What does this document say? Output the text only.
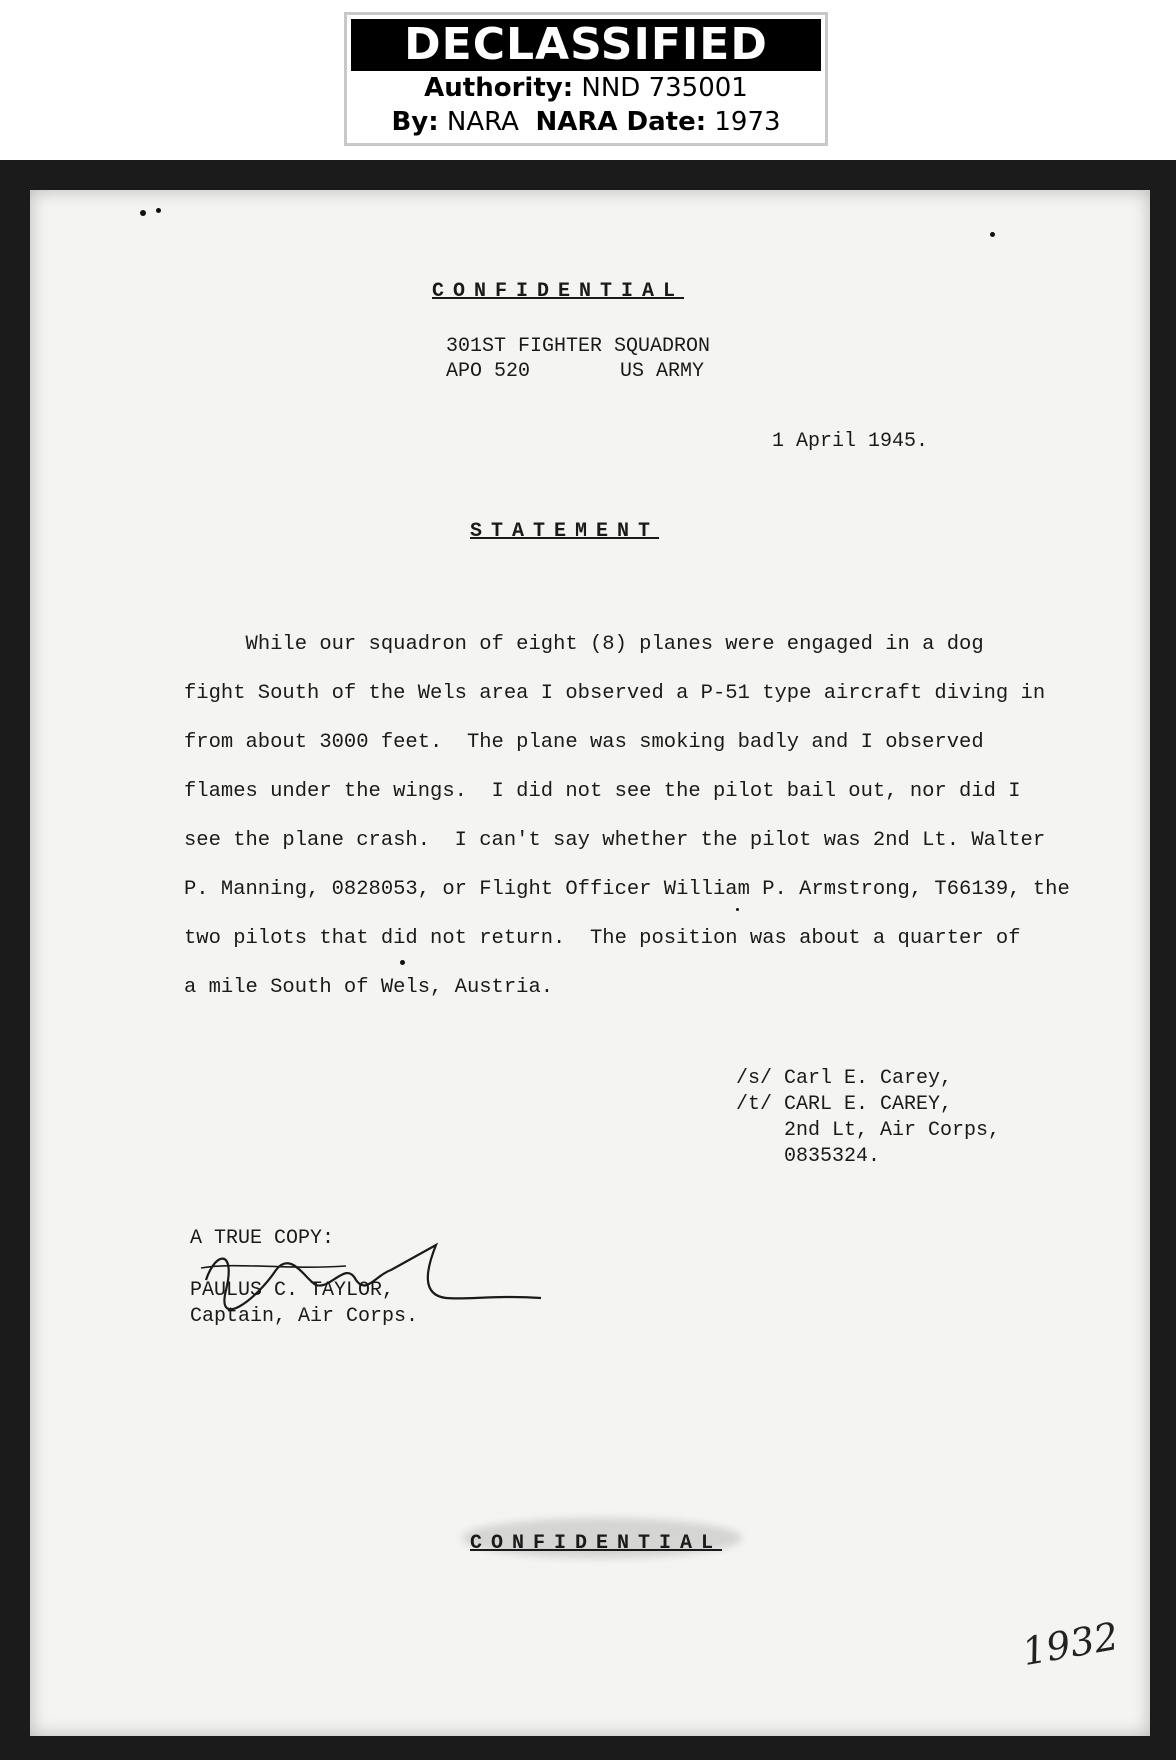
DECLASSIFIED
Authority: NND 735001
By: NARA NARA Date: 1973
CONFIDENTIAL
301ST FIGHTER SQUADRON
APO 520	US ARMY
1 April 1945.
STATEMENT

While our squadron of eight (8) planes were engaged in a dog

fight South of the Wels area I observed a P-51 type aircraft diving in

from about 3000 feet.  The plane was smoking badly and I observed

flames under the wings.  I did not see the pilot bail out, nor did I

see the plane crash.  I can't say whether the pilot was 2nd Lt. Walter

P. Manning, 0828053, or Flight Officer William P. Armstrong, T66139, the

two pilots that did not return.  The position was about a quarter of

a mile South of Wels, Austria.

/s/ Carl E. Carey,
/t/ CARL E. CAREY,
2nd Lt, Air Corps,
0835324.
A TRUE COPY:
PAULUS C. TAYLOR,
Captain, Air Corps.
CONFIDENTIAL
1932
